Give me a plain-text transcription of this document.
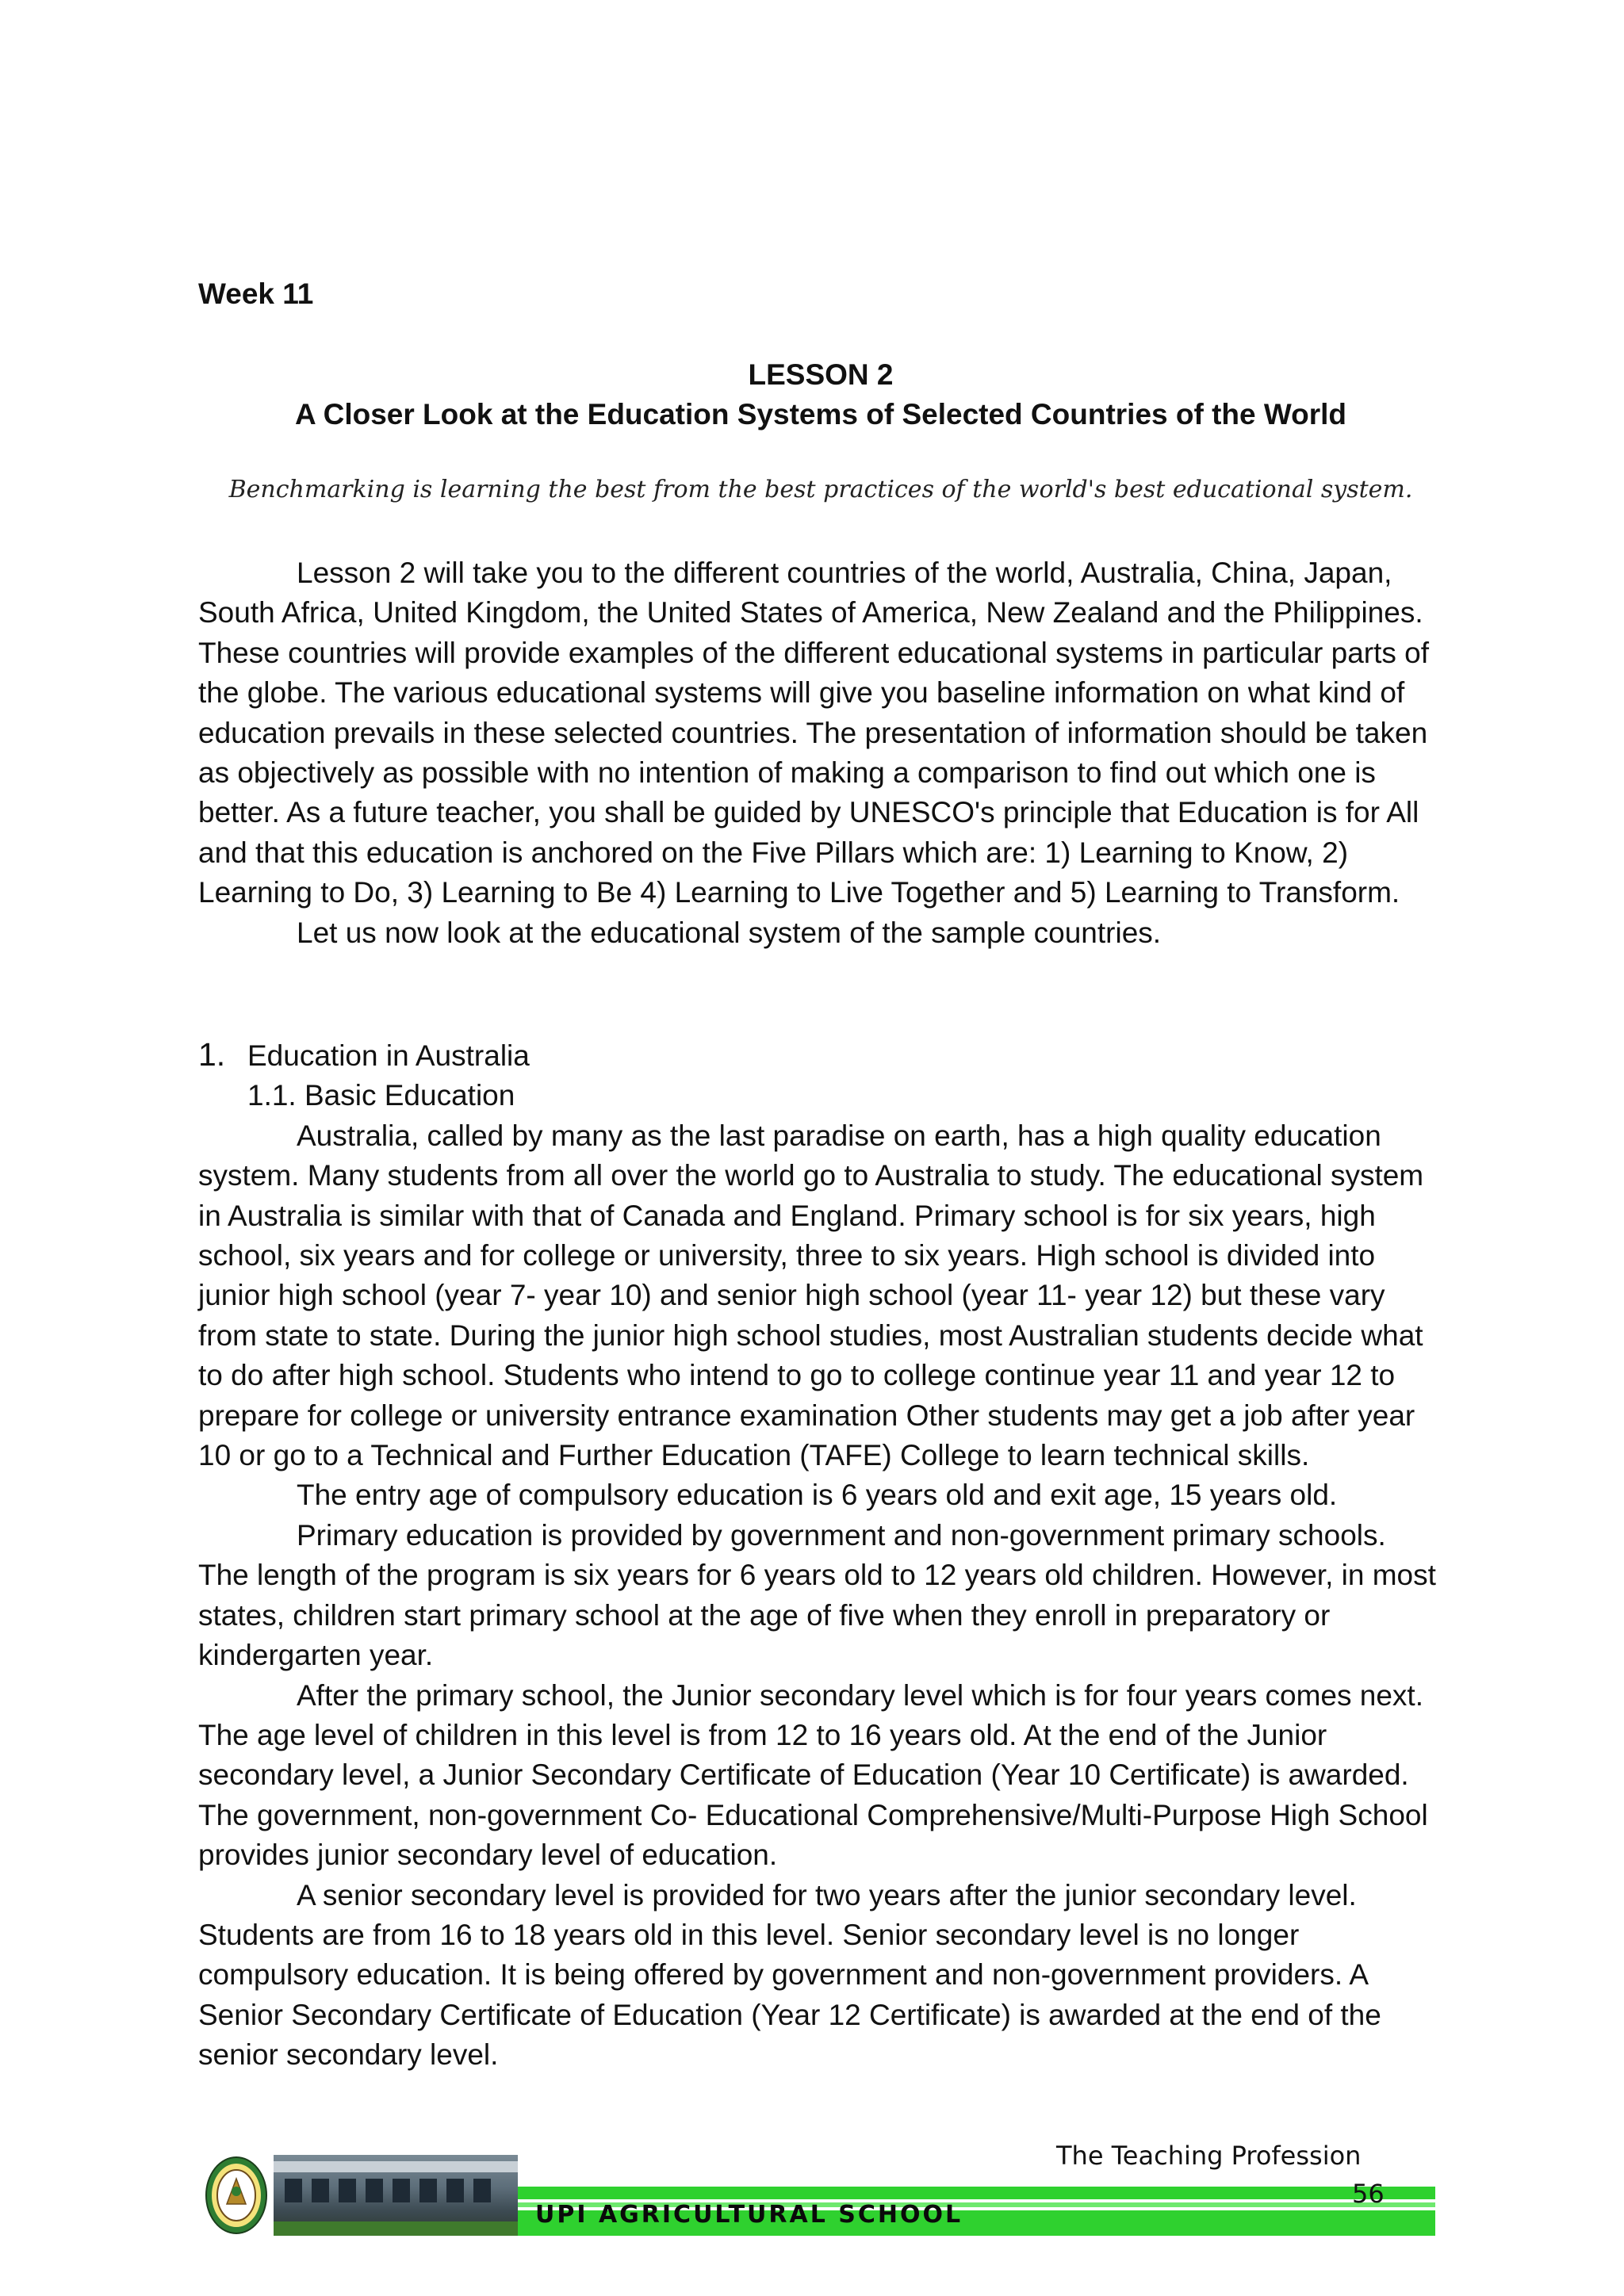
Week 11
LESSON 2
A Closer Look at the Education Systems of Selected Countries of the World
Benchmarking is learning the best from the best practices of the world's best educational system.

Lesson 2 will take you to the different countries of the world, Australia, China, Japan, South Africa, United Kingdom, the United States of America, New Zealand and the Philippines. These countries will provide examples of the different educational systems in particular parts of the globe. The various educational systems will give you baseline information on what kind of education prevails in these selected countries. The presentation of information should be taken as objectively as possible with no intention of making a comparison to find out which one is better. As a future teacher, you shall be guided by UNESCO's principle that Education is for All and that this education is anchored on the Five Pillars which are: 1) Learning to Know, 2) Learning to Do, 3) Learning to Be 4) Learning to Live Together and 5) Learning to Transform.

Let us now look at the educational system of the sample countries.

1. Education in Australia

1.1. Basic Education

Australia, called by many as the last paradise on earth, has a high quality education system. Many students from all over the world go to Australia to study. The educational system in Australia is similar with that of Canada and England. Primary school is for six years, high school, six years and for college or university, three to six years. High school is divided into junior high school (year 7- year 10) and senior high school (year 11- year 12) but these vary from state to state. During the junior high school studies, most Australian students decide what to do after high school. Students who intend to go to college continue year 11 and year 12 to prepare for college or university entrance examination Other students may get a job after year 10 or go to a Technical and Further Education (TAFE) College to learn technical skills.

The entry age of compulsory education is 6 years old and exit age, 15 years old.

Primary education is provided by government and non-government primary schools. The length of the program is six years for 6 years old to 12 years old children. However, in most states, children start primary school at the age of five when they enroll in preparatory or kindergarten year.

After the primary school, the Junior secondary level which is for four years comes next. The age level of children in this level is from 12 to 16 years old. At the end of the Junior secondary level, a Junior Secondary Certificate of Education (Year 10 Certificate) is awarded. The government, non-government Co- Educational Comprehensive/Multi-Purpose High School provides junior secondary level of education.

A senior secondary level is provided for two years after the junior secondary level. Students are from 16 to 18 years old in this level. Senior secondary level is no longer compulsory education. It is being offered by government and non-government providers. A Senior Secondary Certificate of Education (Year 12 Certificate) is awarded at the end of the senior secondary level.

The Teaching Profession
UPI AGRICULTURAL SCHOOL
56
